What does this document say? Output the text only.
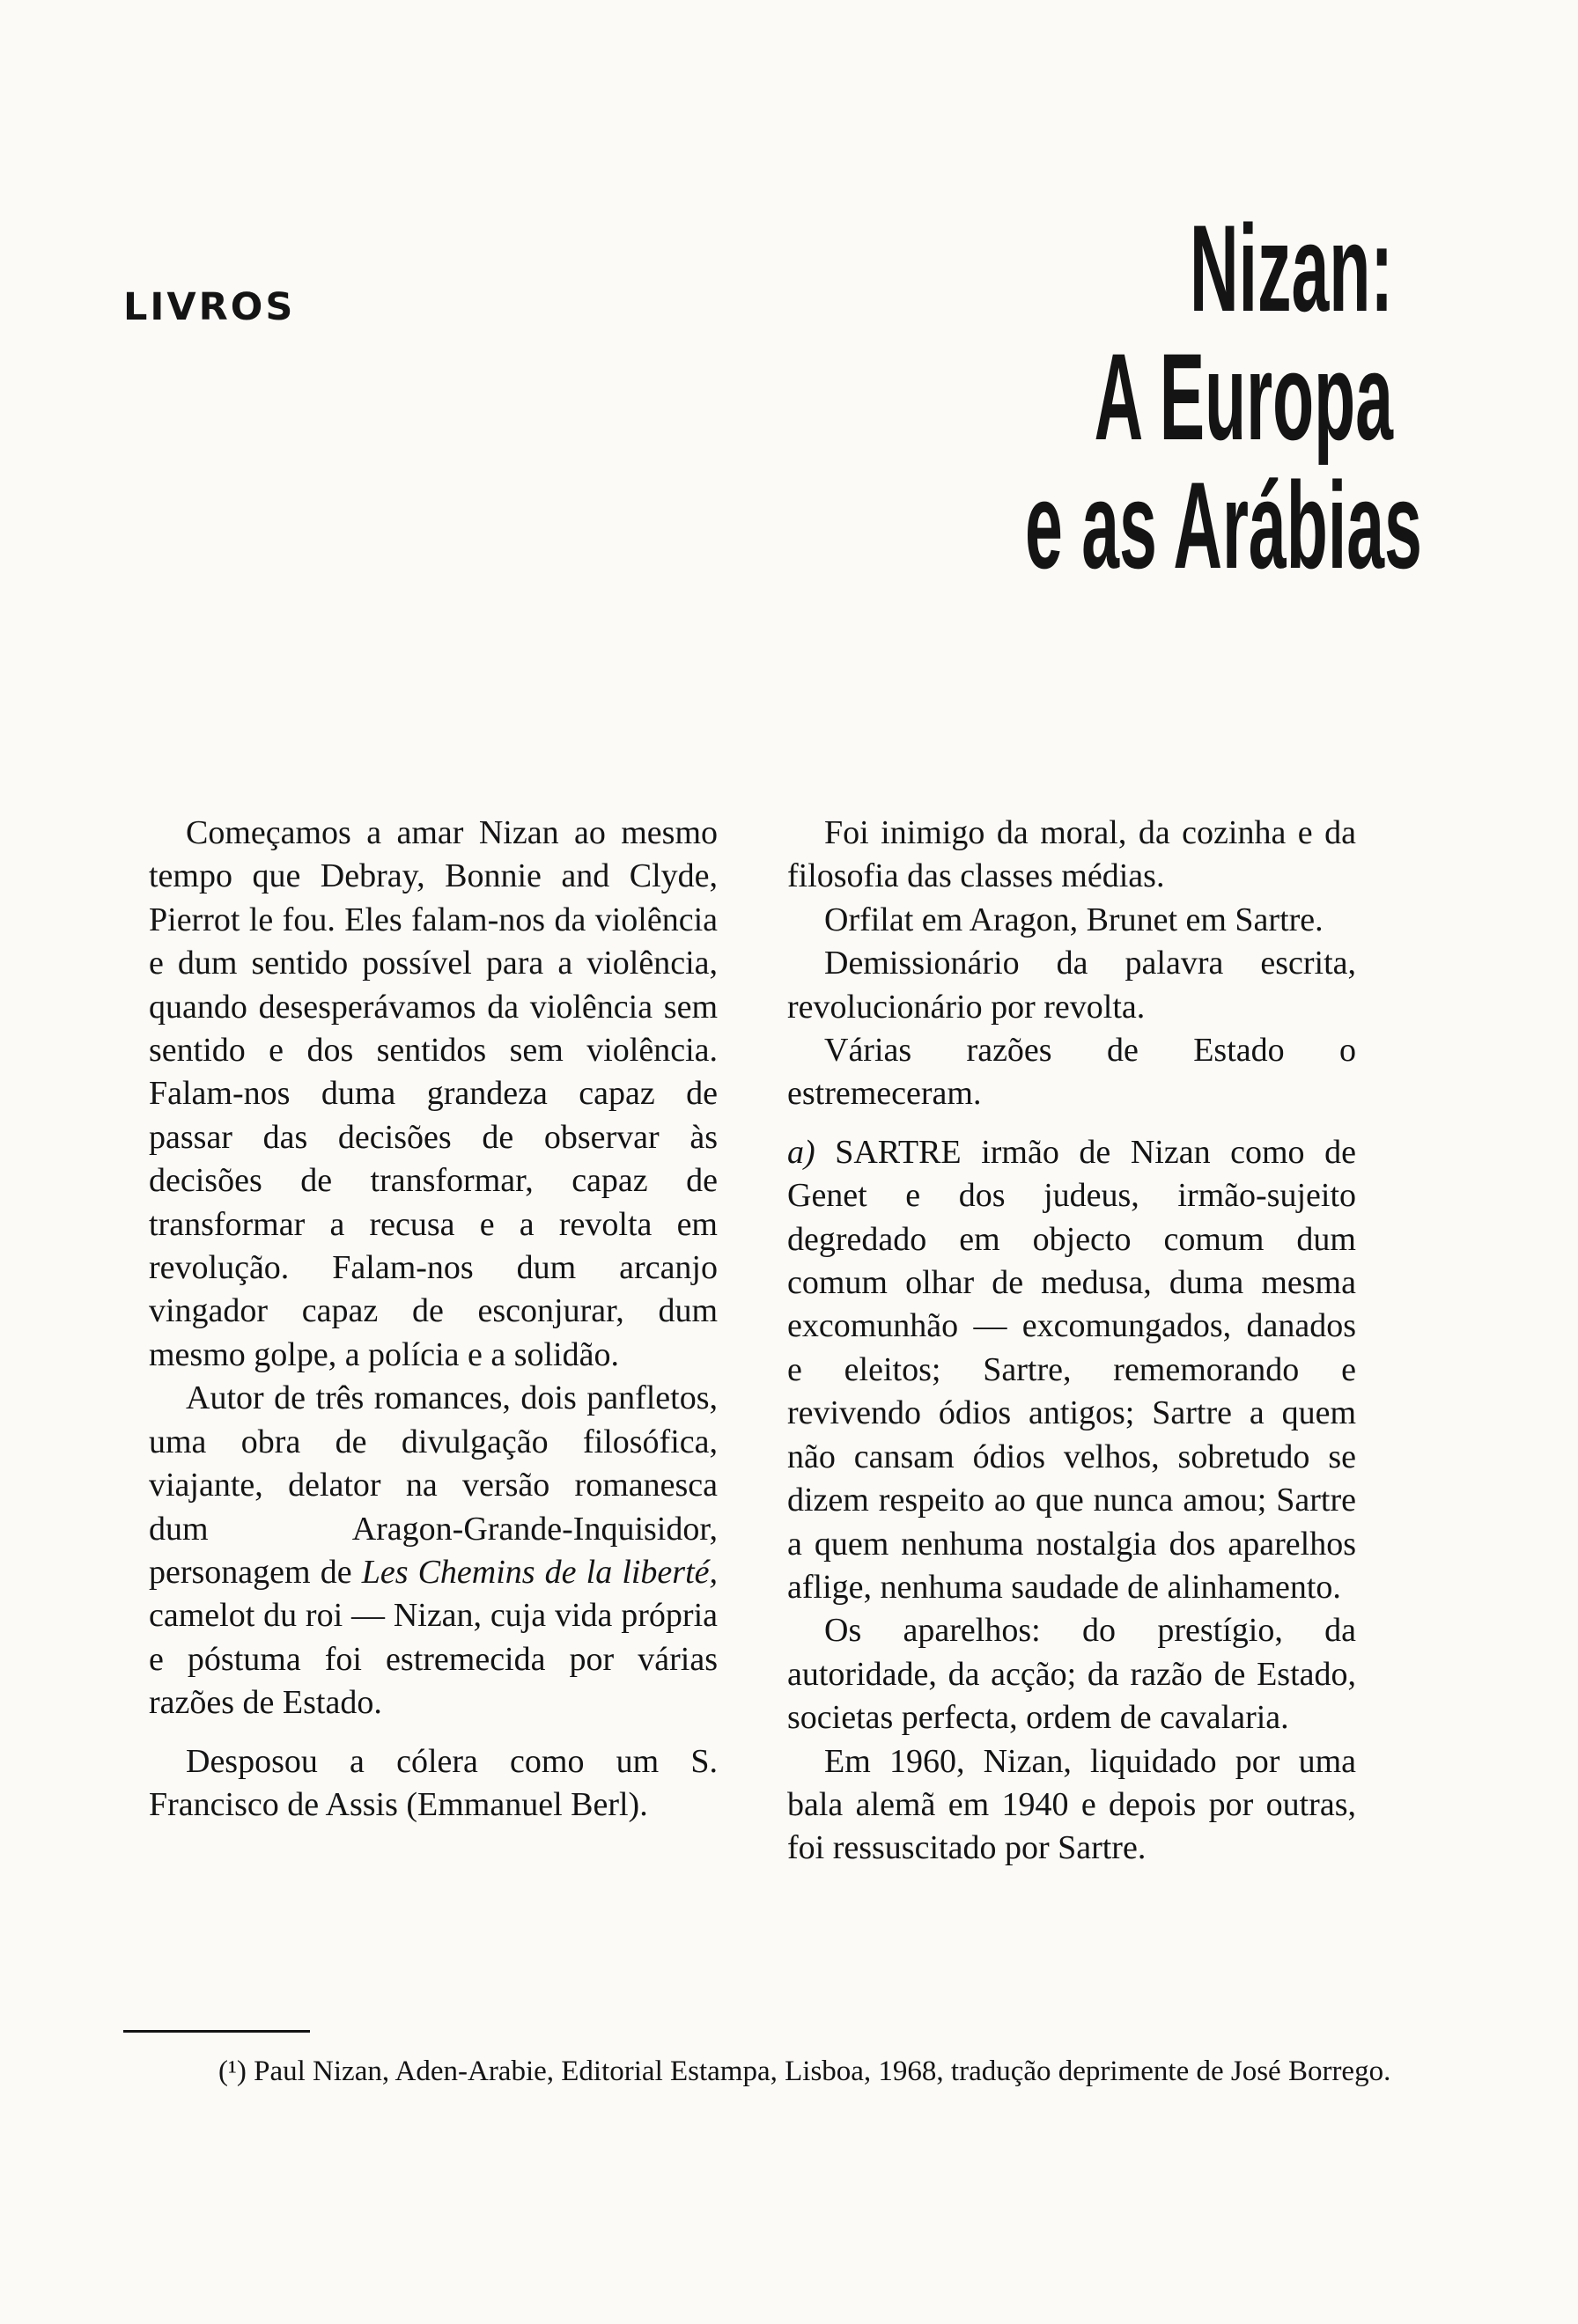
LIVROS	Nizan:
A Europa
e as Arábias

Começamos a amar Nizan ao mesmo tempo que Debray, Bonnie and Clyde, Pierrot le fou. Eles falam-nos da violência e dum sentido possível para a violência, quando desesperávamos da violência sem sentido e dos sentidos sem violência. Falam-nos duma grandeza capaz de passar das decisões de observar às decisões de transformar, capaz de transformar a recusa e a revolta em revolução. Falam-nos dum arcanjo vingador capaz de esconjurar, dum mesmo golpe, a polícia e a solidão.

Autor de três romances, dois panfletos, uma obra de divulgação filosófica, viajante, delator na versão romanesca dum Aragon-Grande-Inquisidor, personagem de Les Chemins de la liberté, camelot du roi — Nizan, cuja vida própria e póstuma foi estremecida por várias razões de Estado.

Desposou a cólera como um S. Francisco de Assis (Emmanuel Berl).

Foi inimigo da moral, da cozinha e da filosofia das classes médias.

Orfilat em Aragon, Brunet em Sartre.

Demissionário da palavra escrita, revolucionário por revolta.

Várias razões de Estado o estremeceram.

a) SARTRE irmão de Nizan como de Genet e dos judeus, irmão-sujeito degredado em objecto comum dum comum olhar de medusa, duma mesma excomunhão — excomungados, danados e eleitos; Sartre, rememorando e revivendo ódios antigos; Sartre a quem não cansam ódios velhos, sobretudo se dizem respeito ao que nunca amou; Sartre a quem nenhuma nostalgia dos aparelhos aflige, nenhuma saudade de alinhamento.

Os aparelhos: do prestígio, da autoridade, da acção; da razão de Estado, societas perfecta, ordem de cavalaria.

Em 1960, Nizan, liquidado por uma bala alemã em 1940 e depois por outras, foi ressuscitado por Sartre.

(¹) Paul Nizan, Aden-Arabie, Editorial Estampa, Lisboa, 1968, tradução deprimente de José Borrego.
